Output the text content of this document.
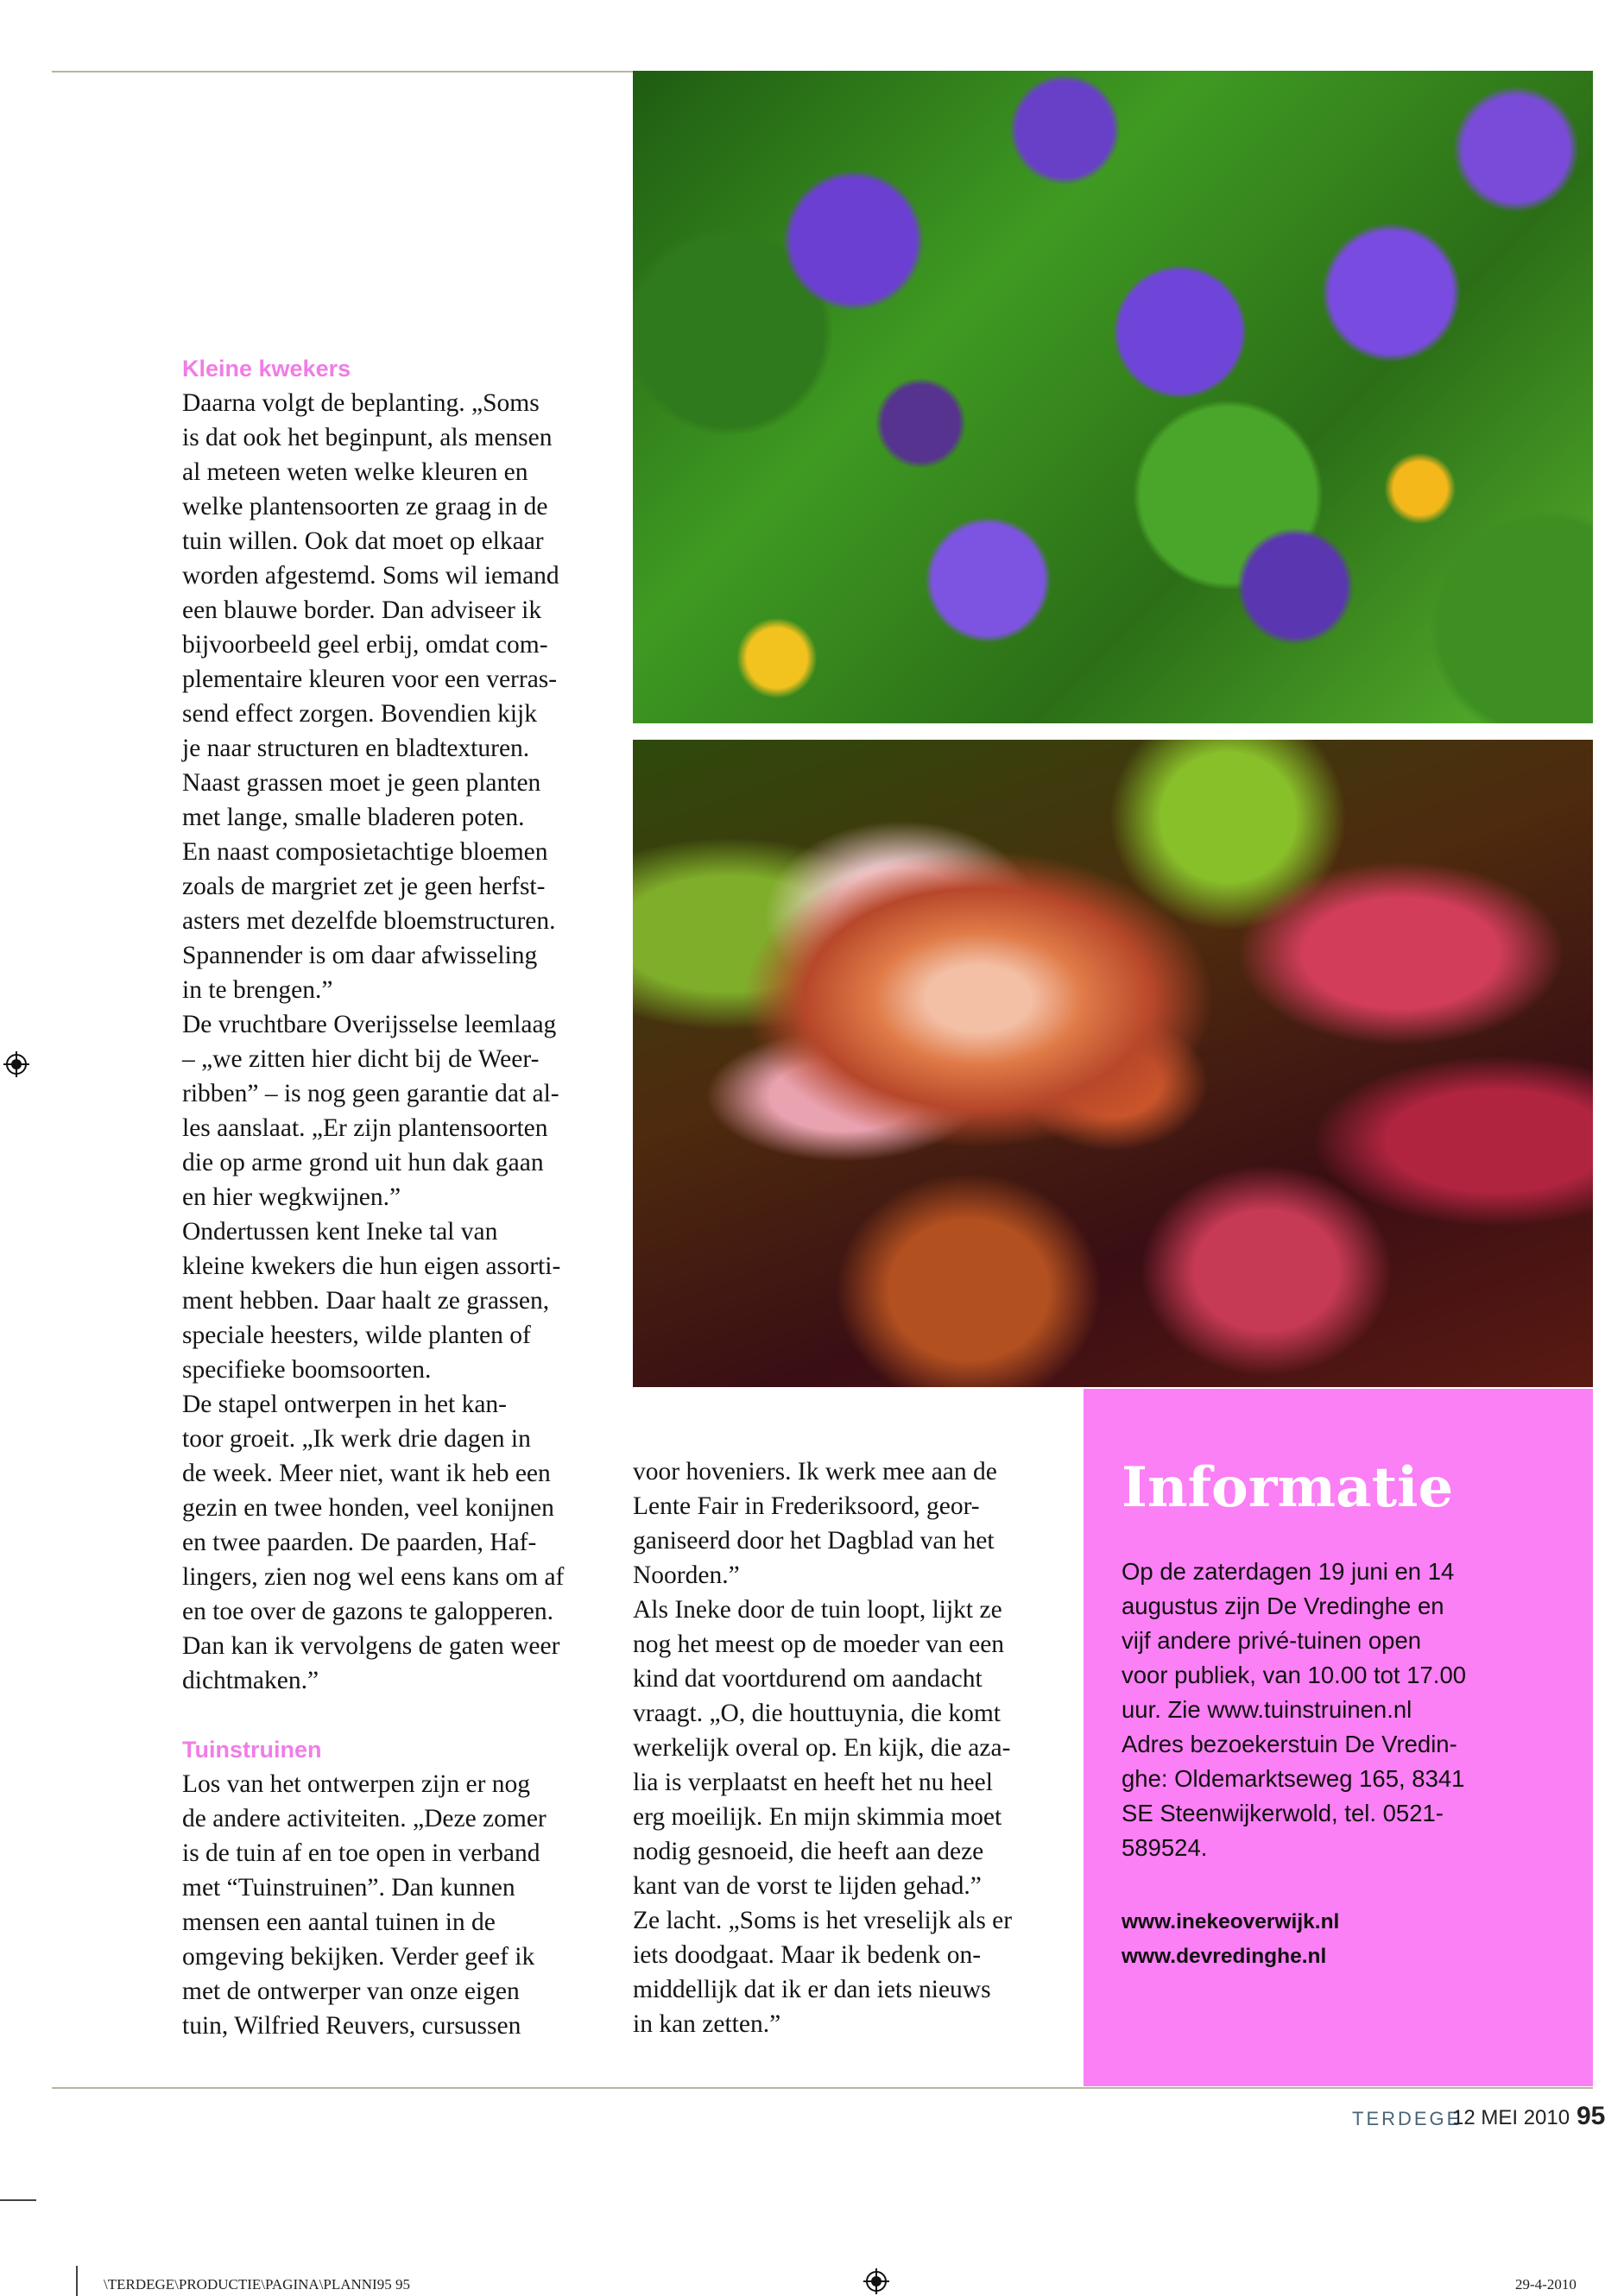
Kleine kwekers

Daarna volgt de beplanting. „Soms
is dat ook het beginpunt, als mensen
al meteen weten welke kleuren en
welke plantensoorten ze graag in de
tuin willen. Ook dat moet op elkaar
worden afgestemd. Soms wil iemand
een blauwe border. Dan adviseer ik
bijvoorbeeld geel erbij, omdat com-
plementaire kleuren voor een verras-
send effect zorgen. Bovendien kijk
je naar structuren en bladtexturen.
Naast grassen moet je geen planten
met lange, smalle bladeren poten.
En naast composietachtige bloemen
zoals de margriet zet je geen herfst-
asters met dezelfde bloemstructuren.
Spannender is om daar afwisseling
in te brengen.”

De vruchtbare Overijsselse leemlaag
– „we zitten hier dicht bij de Weer-
ribben” – is nog geen garantie dat al-
les aanslaat. „Er zijn plantensoorten
die op arme grond uit hun dak gaan
en hier wegkwijnen.”

Ondertussen kent Ineke tal van
kleine kwekers die hun eigen assorti-
ment hebben. Daar haalt ze grassen,
speciale heesters, wilde planten of
specifieke boomsoorten.

De stapel ontwerpen in het kan-
toor groeit. „Ik werk drie dagen in
de week. Meer niet, want ik heb een
gezin en twee honden, veel konijnen
en twee paarden. De paarden, Haf-
lingers, zien nog wel eens kans om af
en toe over de gazons te galopperen.
Dan kan ik vervolgens de gaten weer
dichtmaken.”

Tuinstruinen

Los van het ontwerpen zijn er nog
de andere activiteiten. „Deze zomer
is de tuin af en toe open in verband
met “Tuinstruinen”. Dan kunnen
mensen een aantal tuinen in de
omgeving bekijken. Verder geef ik
met de ontwerper van onze eigen
tuin, Wilfried Reuvers, cursussen

voor hoveniers. Ik werk mee aan de
Lente Fair in Frederiksoord, geor-
ganiseerd door het Dagblad van het
Noorden.”

Als Ineke door de tuin loopt, lijkt ze
nog het meest op de moeder van een
kind dat voortdurend om aandacht
vraagt. „O, die houttuynia, die komt
werkelijk overal op. En kijk, die aza-
lia is verplaatst en heeft het nu heel
erg moeilijk. En mijn skimmia moet
nodig gesnoeid, die heeft aan deze
kant van de vorst te lijden gehad.”

Ze lacht. „Soms is het vreselijk als er
iets doodgaat. Maar ik bedenk on-
middellijk dat ik er dan iets nieuws
in kan zetten.”

Informatie

Op de zaterdagen 19 juni en 14
augustus zijn De Vredinghe en
vijf andere privé-tuinen open
voor publiek, van 10.00 tot 17.00
uur. Zie www.tuinstruinen.nl
Adres bezoekerstuin De Vredin-
ghe: Oldemarktseweg 165, 8341
SE Steenwijkerwold, tel. 0521-
589524.

www.inekeoverwijk.nl
www.devredinghe.nl
TERDEGE
12 MEI 2010 95
\TERDEGE\PRODUCTIE\PAGINA\PLANNI95 95	29-4-2010
